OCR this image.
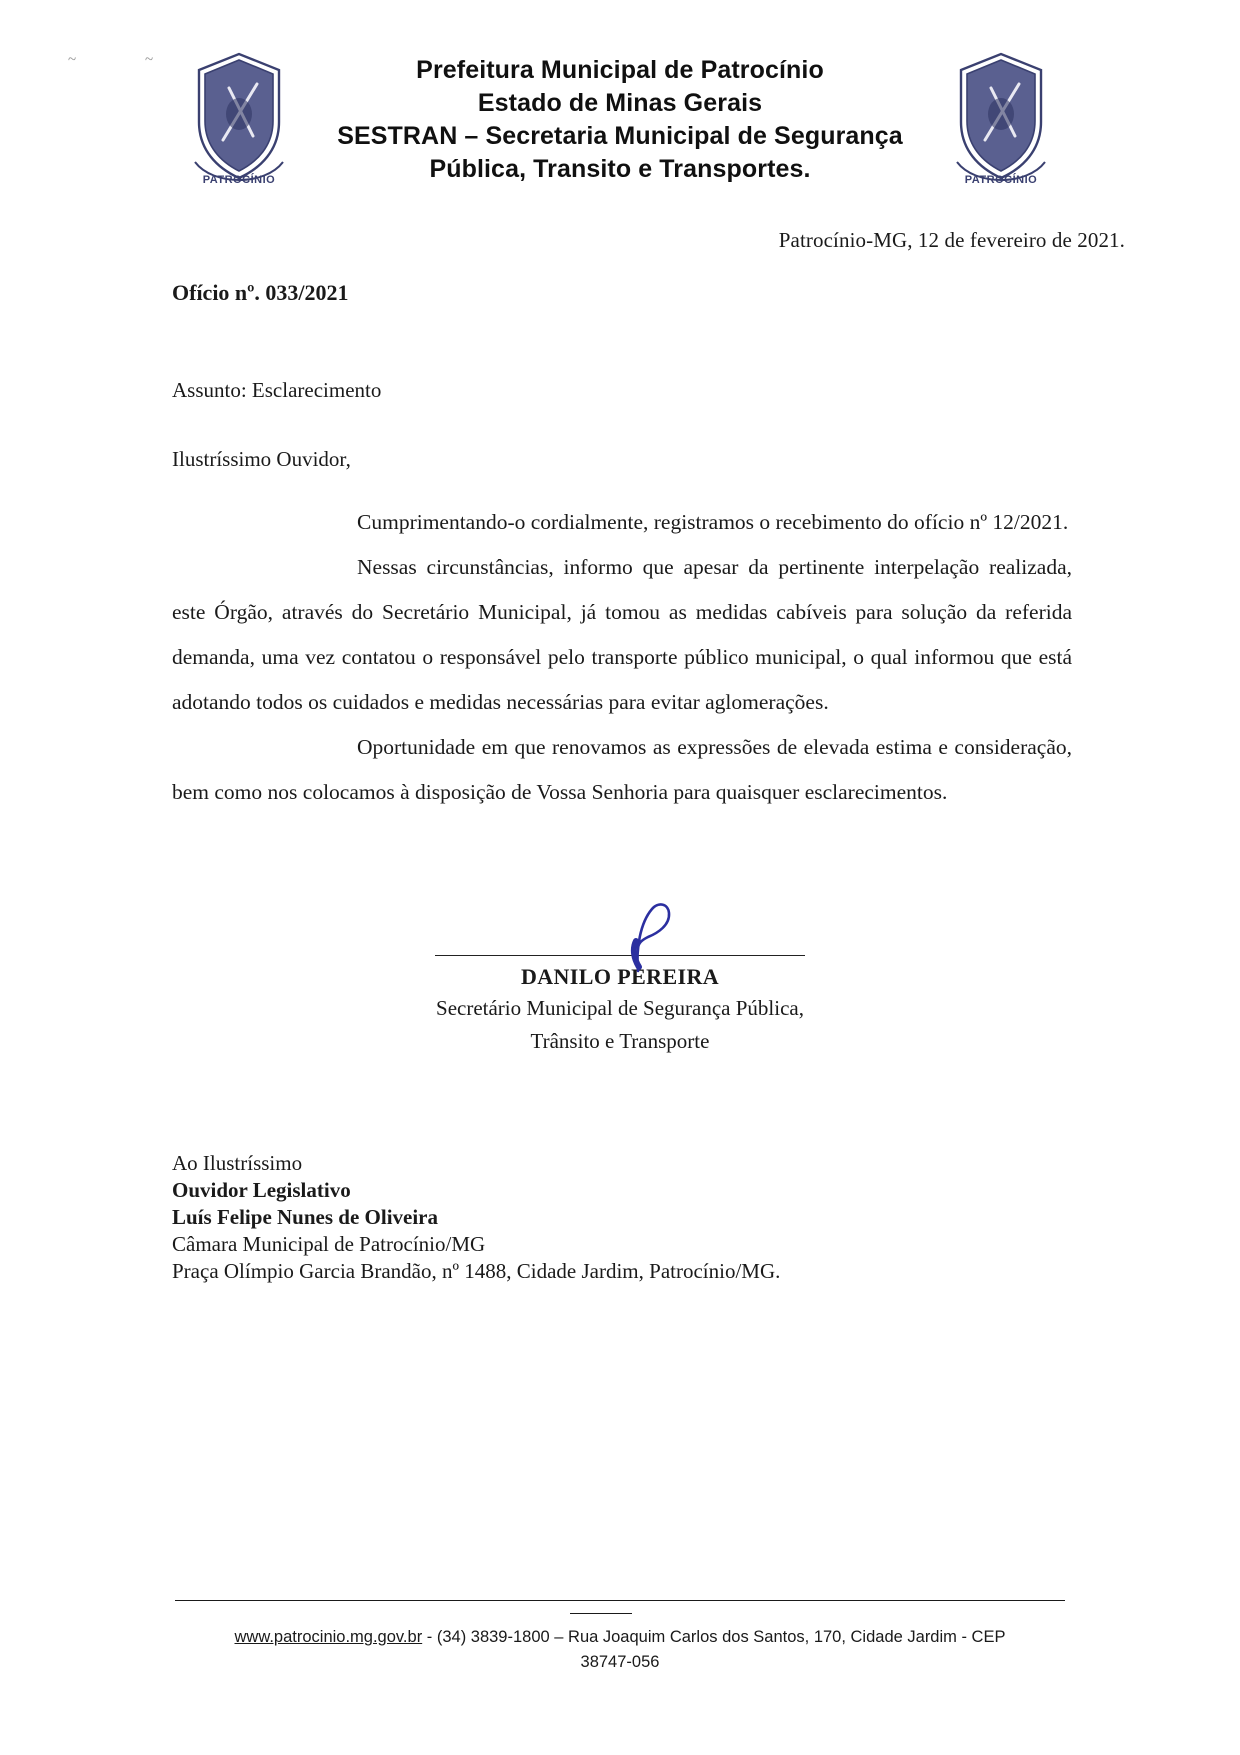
~	~
PATROCÍNIO
Prefeitura Municipal de Patrocínio
Estado de Minas Gerais
SESTRAN – Secretaria Municipal de Segurança
Pública, Transito e Transportes.	PATROCÍNIO
Patrocínio-MG, 12 de fevereiro de 2021.
Ofício nº. 033/2021
Assunto: Esclarecimento
Ilustríssimo Ouvidor,

Cumprimentando-o cordialmente, registramos o recebimento do ofício nº 12/2021.

Nessas circunstâncias, informo que apesar da pertinente interpelação realizada, este Órgão, através do Secretário Municipal, já tomou as medidas cabíveis para solução da referida demanda, uma vez contatou o responsável pelo transporte público municipal, o qual informou que está adotando todos os cuidados e medidas necessárias para evitar aglomerações.

Oportunidade em que renovamos as expressões de elevada estima e consideração, bem como nos colocamos à disposição de Vossa Senhoria para quaisquer esclarecimentos.

DANILO PEREIRA
Secretário Municipal de Segurança Pública,
Trânsito e Transporte
Ao Ilustríssimo
Ouvidor Legislativo
Luís Felipe Nunes de Oliveira
Câmara Municipal de Patrocínio/MG
Praça Olímpio Garcia Brandão, nº 1488, Cidade Jardim, Patrocínio/MG.
www.patrocinio.mg.gov.br - (34) 3839-1800 – Rua Joaquim Carlos dos Santos, 170, Cidade Jardim - CEP
38747-056
